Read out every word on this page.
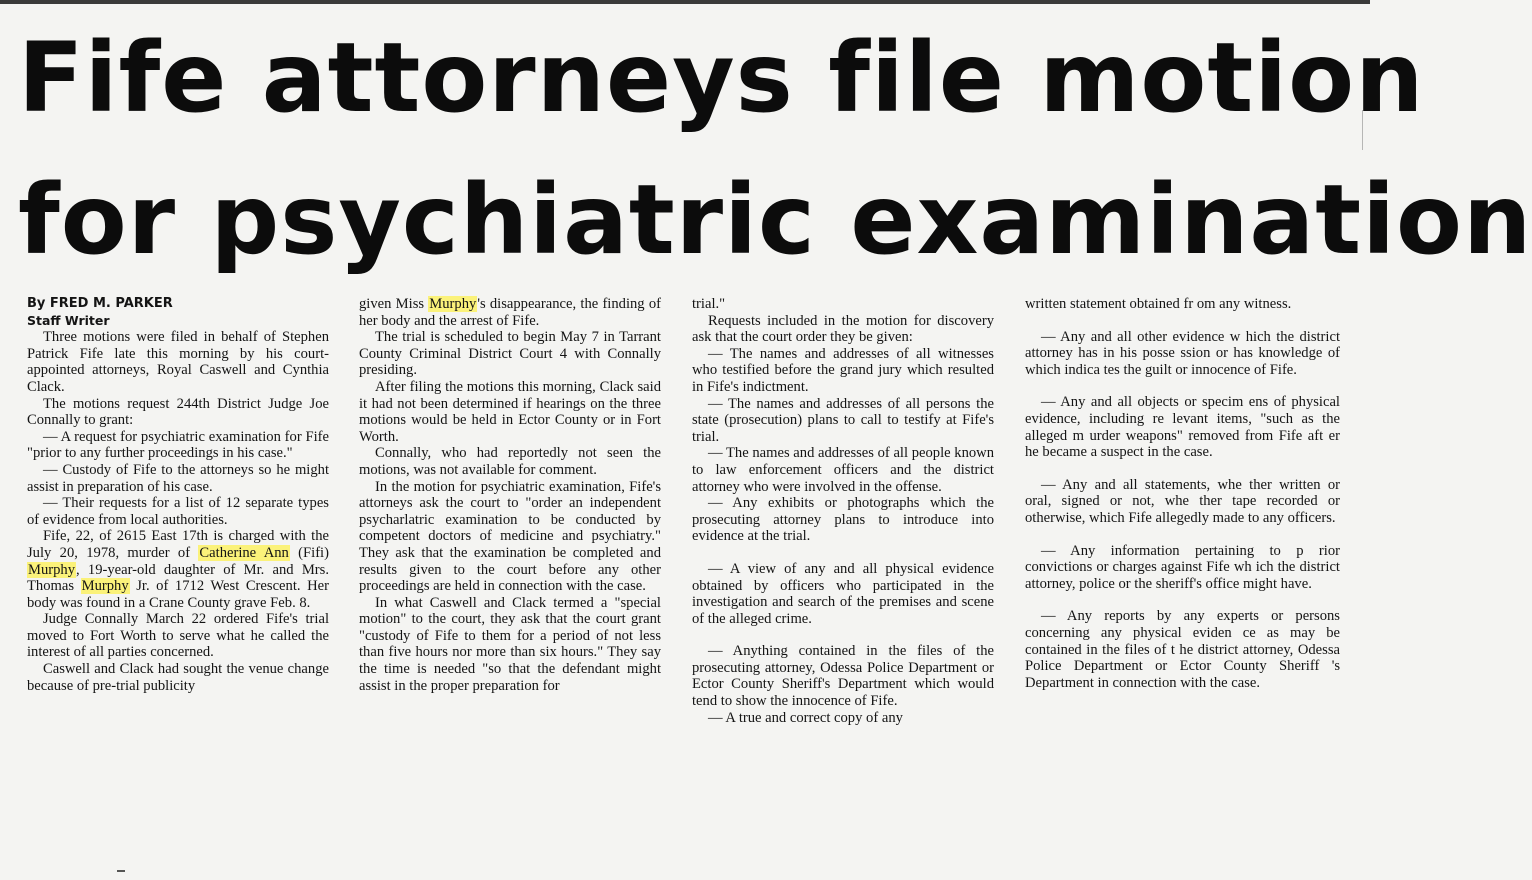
Fife attorneys file motion
for psychiatric examination
By FRED M. PARKER
Staff Writer

Three motions were filed in behalf of Stephen Patrick Fife late this morning by his court-appointed attorneys, Royal Caswell and Cynthia Clack.

The motions request 244th District Judge Joe Connally to grant:

— A request for psychiatric examination for Fife "prior to any further proceedings in his case."

— Custody of Fife to the attorneys so he might assist in preparation of his case.

— Their requests for a list of 12 separate types of evidence from local authorities.

Fife, 22, of 2615 East 17th is charged with the July 20, 1978, murder of Catherine Ann (Fifi) Murphy, 19-year-old daughter of Mr. and Mrs. Thomas Murphy Jr. of 1712 West Crescent. Her body was found in a Crane County grave Feb. 8.

Judge Connally March 22 ordered Fife's trial moved to Fort Worth to serve what he called the interest of all parties concerned.

Caswell and Clack had sought the venue change because of pre-trial publicity

given Miss Murphy's disappearance, the finding of her body and the arrest of Fife.

The trial is scheduled to begin May 7 in Tarrant County Criminal District Court 4 with Connally presiding.

After filing the motions this morning, Clack said it had not been determined if hearings on the three motions would be held in Ector County or in Fort Worth.

Connally, who had reportedly not seen the motions, was not available for comment.

In the motion for psychiatric examination, Fife's attorneys ask the court to "order an independent psycharlatric examination to be conducted by competent doctors of medicine and psychiatry." They ask that the examination be completed and results given to the court before any other proceedings are held in connection with the case.

In what Caswell and Clack termed a "special motion" to the court, they ask that the court grant "custody of Fife to them for a period of not less than five hours nor more than six hours." They say the time is needed "so that the defendant might assist in the proper preparation for

trial."

Requests included in the motion for discovery ask that the court order they be given:

— The names and addresses of all witnesses who testified before the grand jury which resulted in Fife's indictment.

— The names and addresses of all persons the state (prosecution) plans to call to testify at Fife's trial.

— The names and addresses of all people known to law enforcement officers and the district attorney who were involved in the offense.

— Any exhibits or photographs which the prosecuting attorney plans to introduce into evidence at the trial.

— A view of any and all physical evidence obtained by officers who participated in the investigation and search of the premises and scene of the alleged crime.

— Anything contained in the files of the prosecuting attorney, Odessa Police Department or Ector County Sheriff's Department which would tend to show the innocence of Fife.

— A true and correct copy of any

written statement obtained fr om any witness.

— Any and all other evidence w hich the district attorney has in his posse ssion or has knowledge of which indica tes the guilt or innocence of Fife.

— Any and all objects or specim ens of physical evidence, including re levant items, "such as the alleged m urder weapons" removed from Fife aft er he became a suspect in the case.

— Any and all statements, whe ther written or oral, signed or not, whe ther tape recorded or otherwise, which Fife allegedly made to any officers.

— Any information pertaining to p rior convictions or charges against Fife wh ich the district attorney, police or the sheriff's office might have.

— Any reports by any experts or persons concerning any physical eviden ce as may be contained in the files of t he district attorney, Odessa Police Department or Ector County Sheriff 's Department in connection with the case.
